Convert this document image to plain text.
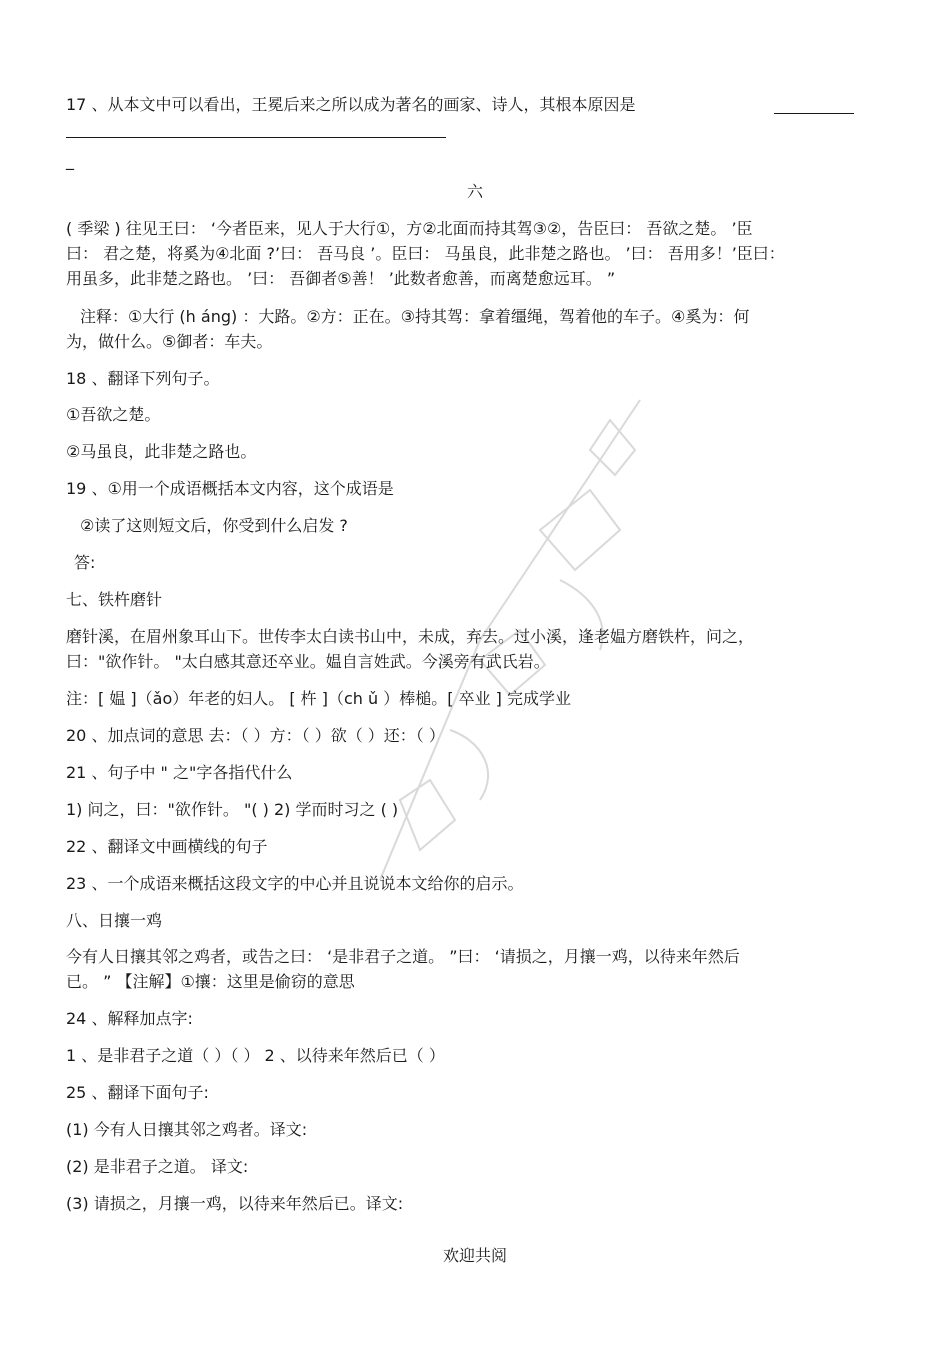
17 、从本文中可以看出，王冕后来之所以成为著名的画家、诗人，其根本原因是
_
六
( 季梁 ) 往见王曰： ‘今者臣来，见人于大行①，方②北面而持其驾③②，告臣曰： 吾欲之楚。 ’臣
曰： 君之楚，将奚为④北面 ?’曰： 吾马良 ’。臣曰： 马虽良，此非楚之路也。 ’曰： 吾用多！’臣曰：
用虽多，此非楚之路也。 ’曰： 吾御者⑤善！ ’此数者愈善，而离楚愈远耳。 ”
注释：①大行 (h áng) ：大路。②方：正在。③持其驾：拿着缰绳，驾着他的车子。④奚为：何
为，做什么。⑤御者：车夫。
18 、翻译下列句子。
①吾欲之楚。
②马虽良，此非楚之路也。
19 、①用一个成语概括本文内容，这个成语是
②读了这则短文后，你受到什么启发 ?
答:
七、铁杵磨针
磨针溪，在眉州象耳山下。世传李太白读书山中，未成，弃去。过小溪，逢老媪方磨铁杵，问之，
曰："欲作针。 "太白感其意还卒业。媪自言姓武。今溪旁有武氏岩。
注：[ 媪 ]（ǎo）年老的妇人。 [ 杵 ]（ch ǔ ）棒槌。[ 卒业 ] 完成学业
20 、加点词的意思 去：（ ）方：（ ）欲（ ）还：（ ）
21 、句子中 " 之"字各指代什么
1) 问之，曰："欲作针。 "( ) 2) 学而时习之 ( )
22 、翻译文中画横线的句子
23 、一个成语来概括这段文字的中心并且说说本文给你的启示。
八、日攘一鸡
今有人日攘其邻之鸡者，或告之曰： ‘是非君子之道。 ”曰： ‘请损之，月攘一鸡，以待来年然后
已。 ” 【注解】①攘：这里是偷窃的意思
24 、解释加点字:
1 、是非君子之道（ ）（ ） 2 、以待来年然后已（ ）
25 、翻译下面句子:
(1) 今有人日攘其邻之鸡者。译文:
(2) 是非君子之道。 译文:
(3) 请损之，月攘一鸡，以待来年然后已。译文:
欢迎共阅
